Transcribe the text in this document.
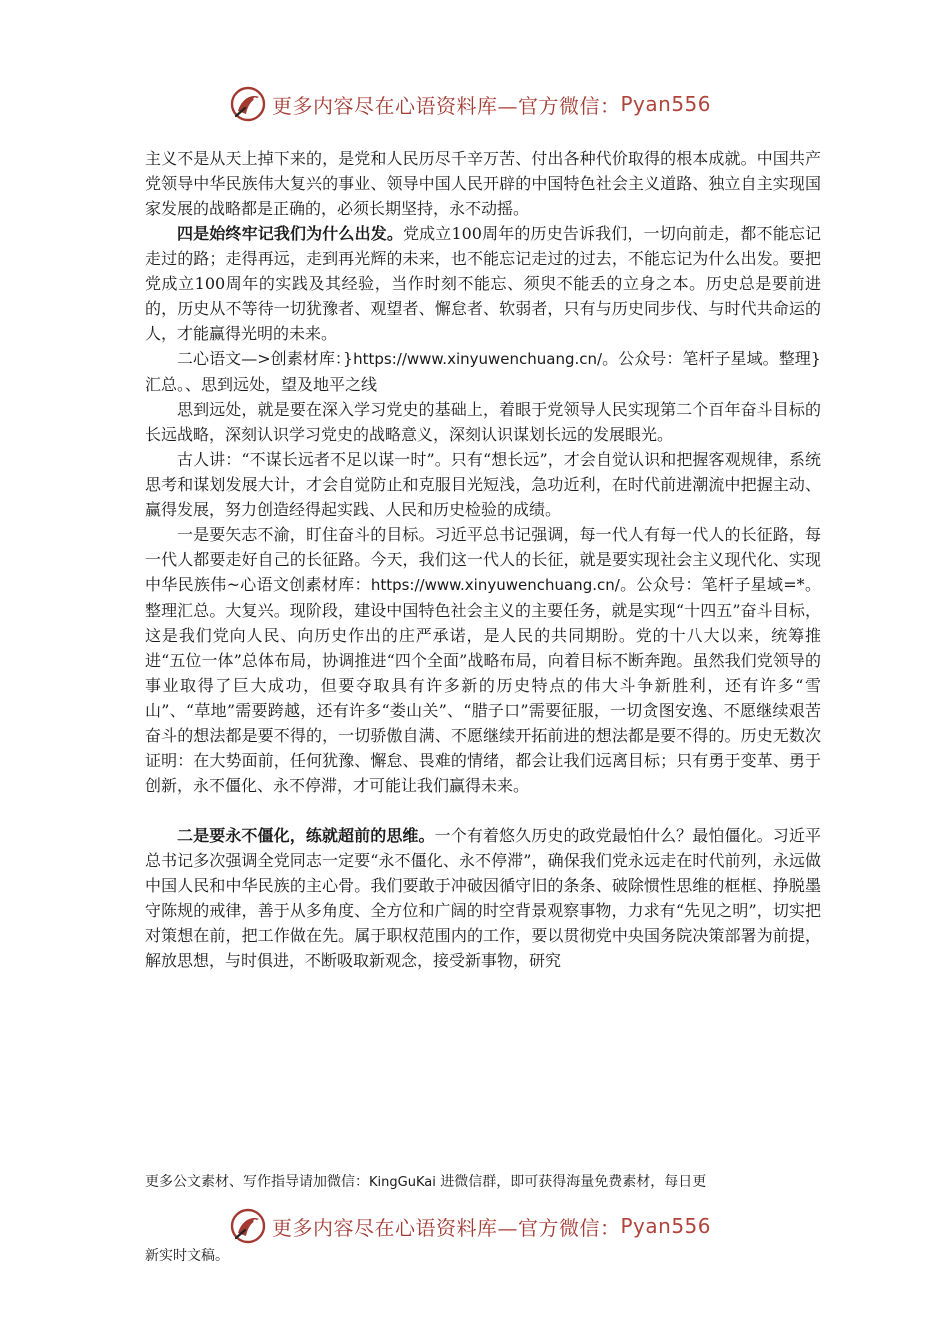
更多内容尽在心语资料库—官方微信： Pyan556

主义不是从天上掉下来的，是党和人民历尽千辛万苦、付出各种代价取得的根本成就。中国共产党领导中华民族伟大复兴的事业、领导中国人民开辟的中国特色社会主义道路、独立自主实现国家发展的战略都是正确的，必须长期坚持，永不动摇。

四是始终牢记我们为什么出发。党成立100周年的历史告诉我们，一切向前走，都不能忘记走过的路；走得再远，走到再光辉的未来，也不能忘记走过的过去，不能忘记为什么出发。要把党成立100周年的实践及其经验，当作时刻不能忘、须臾不能丢的立身之本。历史总是要前进的，历史从不等待一切犹豫者、观望者、懈怠者、软弱者，只有与历史同步伐、与时代共命运的人，才能赢得光明的未来。

二心语文—>创素材库：}https://www.xinyuwenchuang.cn/。公众号：笔杆子星域。整理}汇总。、思到远处，望及地平之线

思到远处，就是要在深入学习党史的基础上，着眼于党领导人民实现第二个百年奋斗目标的长远战略，深刻认识学习党史的战略意义，深刻认识谋划长远的发展眼光。

古人讲：“不谋长远者不足以谋一时”。只有“想长远”，才会自觉认识和把握客观规律，系统思考和谋划发展大计，才会自觉防止和克服目光短浅，急功近利，在时代前进潮流中把握主动、赢得发展，努力创造经得起实践、人民和历史检验的成绩。

一是要矢志不渝，盯住奋斗的目标。习近平总书记强调，每一代人有每一代人的长征路，每一代人都要走好自己的长征路。今天，我们这一代人的长征，就是要实现社会主义现代化、实现中华民族伟~心语文创素材库：https://www.xinyuwenchuang.cn/。公众号：笔杆子星域=*。整理汇总。大复兴。现阶段，建设中国特色社会主义的主要任务，就是实现“十四五”奋斗目标，这是我们党向人民、向历史作出的庄严承诺，是人民的共同期盼。党的十八大以来，统筹推进“五位一体”总体布局，协调推进“四个全面”战略布局，向着目标不断奔跑。虽然我们党领导的事业取得了巨大成功，但要夺取具有许多新的历史特点的伟大斗争新胜利，还有许多“雪山”、“草地”需要跨越，还有许多“娄山关”、“腊子口”需要征服，一切贪图安逸、不愿继续艰苦奋斗的想法都是要不得的，一切骄傲自满、不愿继续开拓前进的想法都是要不得的。历史无数次证明：在大势面前，任何犹豫、懈怠、畏难的情绪，都会让我们远离目标；只有勇于变革、勇于创新，永不僵化、永不停滞，才可能让我们赢得未来。

二是要永不僵化，练就超前的思维。一个有着悠久历史的政党最怕什么？最怕僵化。习近平总书记多次强调全党同志一定要“永不僵化、永不停滞”，确保我们党永远走在时代前列，永远做中国人民和中华民族的主心骨。我们要敢于冲破因循守旧的条条、破除惯性思维的框框、挣脱墨守陈规的戒律，善于从多角度、全方位和广阔的时空背景观察事物，力求有“先见之明”，切实把对策想在前，把工作做在先。属于职权范围内的工作，要以贯彻党中央国务院决策部署为前提，解放思想，与时俱进，不断吸取新观念，接受新事物，研究

更多公文素材、写作指导请加微信：KingGuKai 进微信群，即可获得海量免费素材，每日更
更多内容尽在心语资料库—官方微信： Pyan556
新实时文稿。
